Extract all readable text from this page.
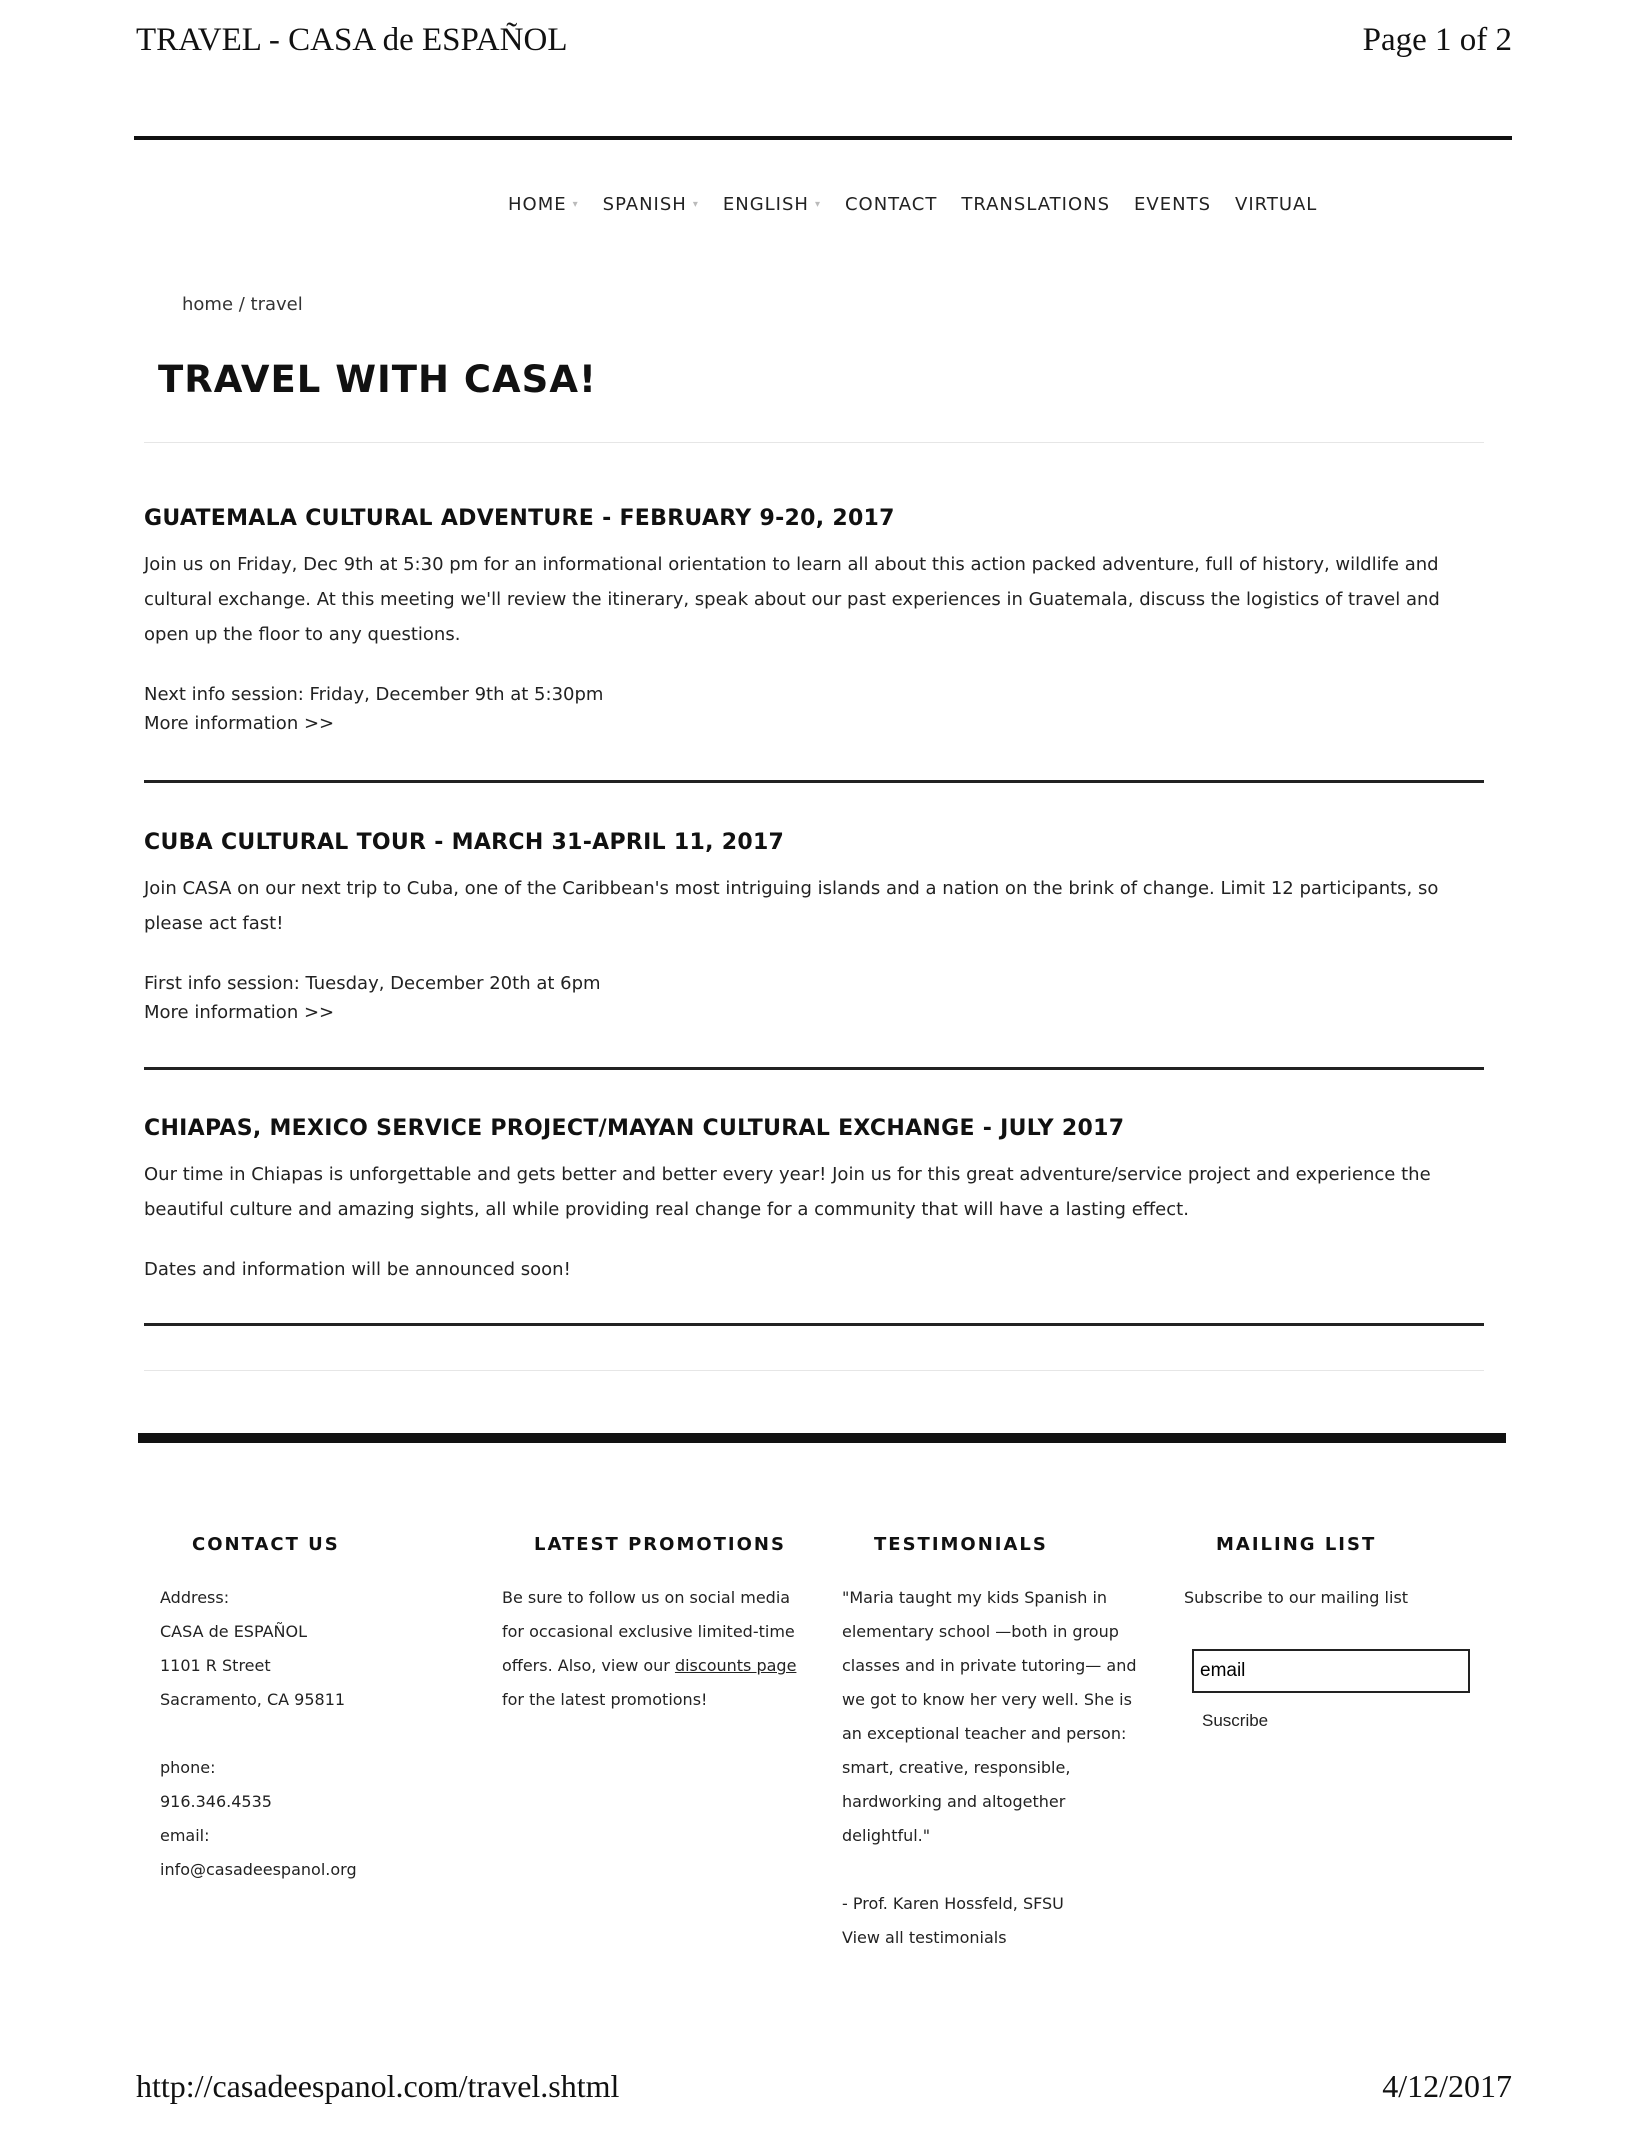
TRAVEL - CASA de ESPAÑOL	Page 1 of 2
HOME ▾ SPANISH ▾ ENGLISH ▾ CONTACT TRANSLATIONS EVENTS VIRTUAL
home / travel
TRAVEL WITH CASA!
GUATEMALA CULTURAL ADVENTURE - FEBRUARY 9-20, 2017
Join us on Friday, Dec 9th at 5:30 pm for an informational orientation to learn all about this action packed adventure, full of history, wildlife and cultural exchange. At this meeting we'll review the itinerary, speak about our past experiences in Guatemala, discuss the logistics of travel and open up the floor to any questions.
Next info session: Friday, December 9th at 5:30pm
More information >>
CUBA CULTURAL TOUR - MARCH 31-APRIL 11, 2017
Join CASA on our next trip to Cuba, one of the Caribbean's most intriguing islands and a nation on the brink of change. Limit 12 participants, so please act fast!
First info session: Tuesday, December 20th at 6pm
More information >>
CHIAPAS, MEXICO SERVICE PROJECT/MAYAN CULTURAL EXCHANGE - JULY 2017
Our time in Chiapas is unforgettable and gets better and better every year! Join us for this great adventure/service project and experience the beautiful culture and amazing sights, all while providing real change for a community that will have a lasting effect.
Dates and information will be announced soon!
CONTACT US
Address:
CASA de ESPAÑOL
1101 R Street
Sacramento, CA 95811
phone:
916.346.4535
email:
info@casadeespanol.org
LATEST PROMOTIONS
Be sure to follow us on social media for occasional exclusive limited-time offers. Also, view our discounts page for the latest promotions!
TESTIMONIALS
"Maria taught my kids Spanish in elementary school —both in group classes and in private tutoring— and we got to know her very well. She is an exceptional teacher and person: smart, creative, responsible, hardworking and altogether delightful."
- Prof. Karen Hossfeld, SFSU
View all testimonials
MAILING LIST
Subscribe to our mailing list
email
Suscribe
http://casadeespanol.com/travel.shtml	4/12/2017
